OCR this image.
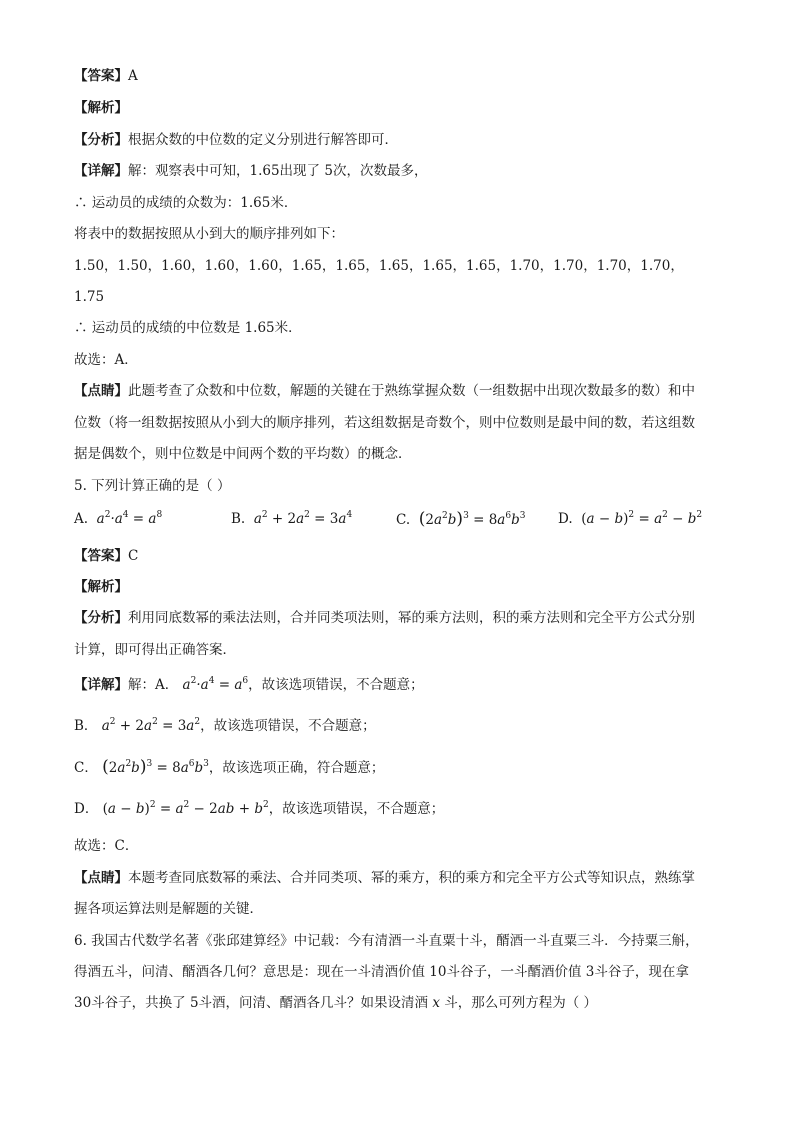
【答案】A
【解析】
【分析】根据众数的中位数的定义分别进行解答即可．
【详解】解：观察表中可知，1.65出现了 5次，次数最多，
∴ 运动员的成绩的众数为：1.65米．
将表中的数据按照从小到大的顺序排列如下：
1.50，1.50，1.60，1.60，1.60，1.65，1.65，1.65，1.65，1.65，1.70，1.70，1.70，1.70，
1.75
∴ 运动员的成绩的中位数是 1.65米．
故选：A．
【点睛】此题考查了众数和中位数，解题的关键在于熟练掌握众数（一组数据中出现次数最多的数）和中
位数（将一组数据按照从小到大的顺序排列，若这组数据是奇数个，则中位数则是最中间的数，若这组数
据是偶数个，则中位数是中间两个数的平均数）的概念．
5. 下列计算正确的是（ ）
A. $a^2\cdot a^4 = a^8$	B. $a^2 + 2a^2 = 3a^4$	C. $(2a^2b)^3 = 8a^6b^3$ D. $(a - b)^2 = a^2 - b^2$
【答案】C
【解析】
【分析】利用同底数幂的乘法法则，合并同类项法则，幂的乘方法则，积的乘方法则和完全平方公式分别
计算，即可得出正确答案．
【详解】解：A． $a^2\cdot a^4 = a^6$，故该选项错误，不合题意；
B． $a^2 + 2a^2 = 3a^2$，故该选项错误，不合题意；
C． $(2a^2b)^3 = 8a^6b^3$，故该选项正确，符合题意；
D． $(a - b)^2 = a^2 - 2ab + b^2$，故该选项错误，不合题意；
故选：C．
【点睛】本题考查同底数幂的乘法、合并同类项、幂的乘方，积的乘方和完全平方公式等知识点，熟练掌
握各项运算法则是解题的关键．
6. 我国古代数学名著《张邱建算经》中记载：今有清酒一斗直粟十斗，醑酒一斗直粟三斗．今持粟三斛，
得酒五斗，问清、醑酒各几何？意思是：现在一斗清酒价值 10斗谷子，一斗醑酒价值 3斗谷子，现在拿
30斗谷子，共换了 5斗酒，问清、醑酒各几斗？如果设清酒 x 斗，那么可列方程为（ ）
